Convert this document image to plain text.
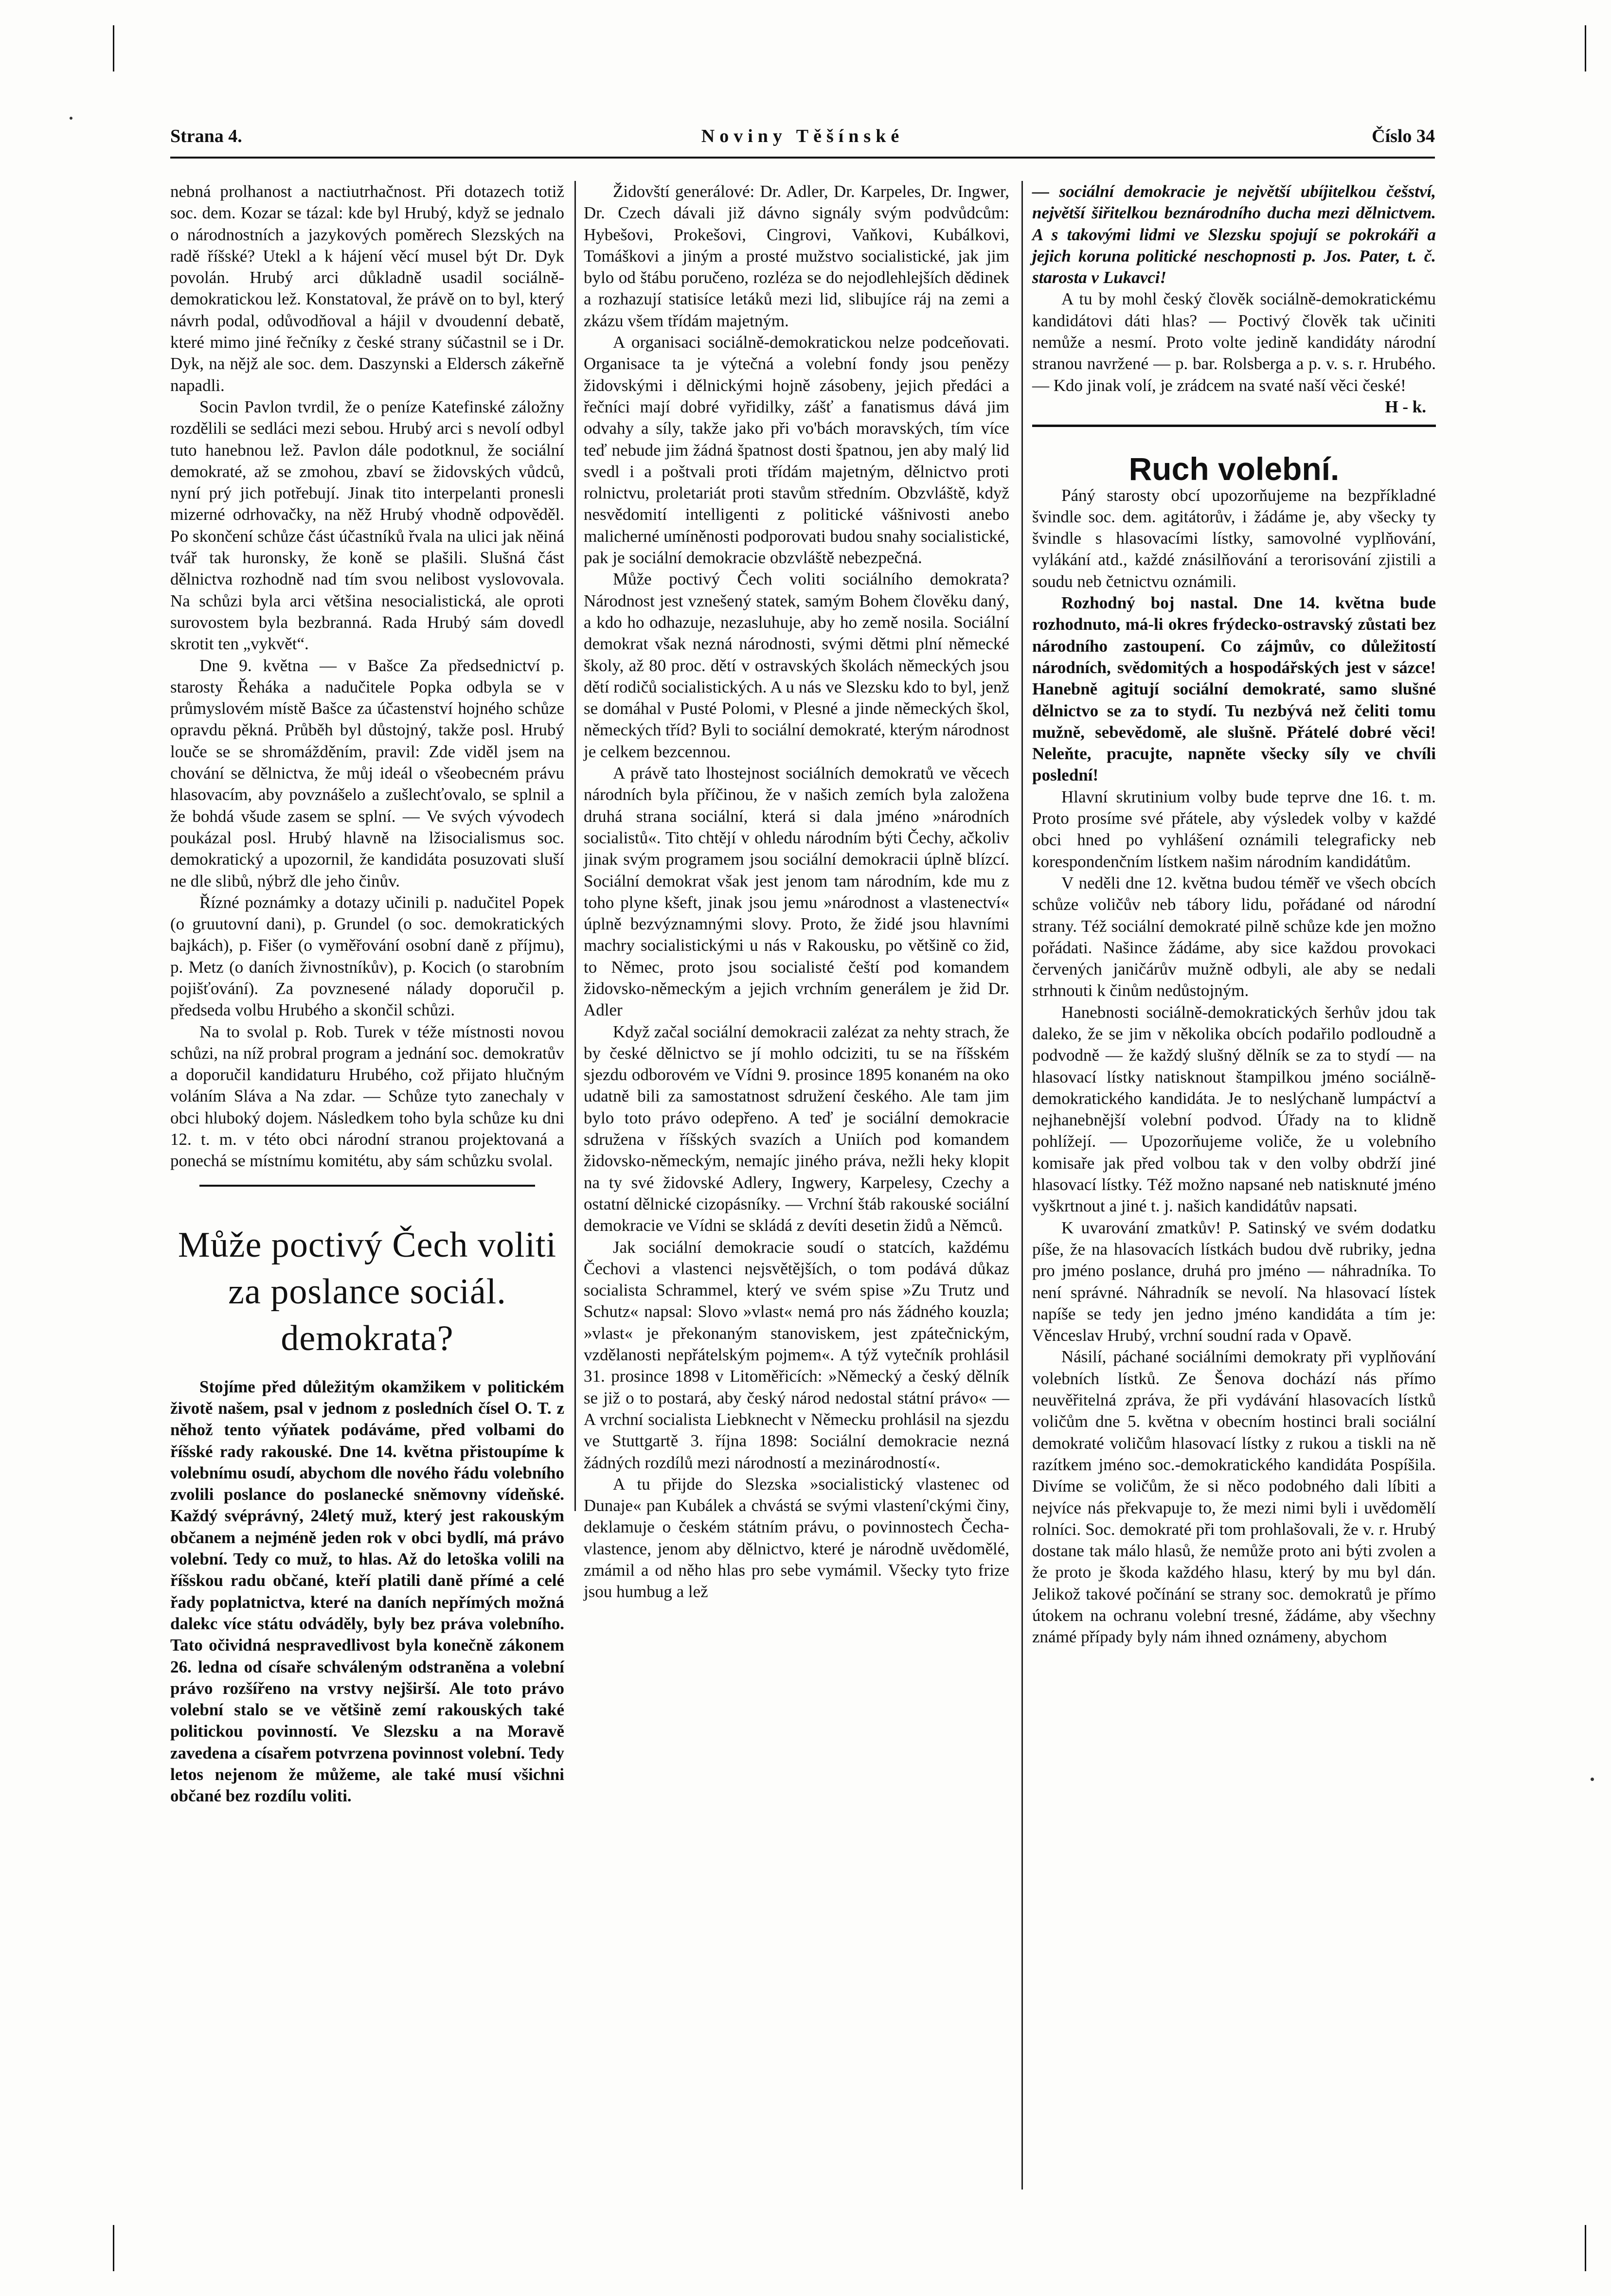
Strana 4.	Noviny Těšínské	Číslo 34

nebná prolhanost a nactiutrhačnost. Při dotazech totiž soc. dem. Kozar se tázal: kde byl Hrubý, když se jednalo o národnostních a jazykových poměrech Slezských na radě říšské? Utekl a k hájení věcí musel být Dr. Dyk povolán. Hrubý arci důkladně usadil sociálně-demokratickou lež. Konstatoval, že právě on to byl, který návrh podal, odůvodňoval a hájil v dvoudenní debatě, které mimo jiné řečníky z české strany súčastnil se i Dr. Dyk, na nějž ale soc. dem. Daszynski a Eldersch zákeřně napadli.

Socin Pavlon tvrdil, že o peníze Katefinské záložny rozdělili se sedláci mezi sebou. Hrubý arci s nevolí odbyl tuto hanebnou lež. Pavlon dále podotknul, že sociální demokraté, až se zmohou, zbaví se židovských vůdců, nyní prý jich potřebují. Jinak tito interpelanti pronesli mizerné odrhovačky, na něž Hrubý vhodně odpověděl. Po skončení schůze část účastníků řvala na ulici jak něiná tvář tak huronsky, že koně se plašili. Slušná část dělnictva rozhodně nad tím svou nelibost vyslovovala. Na schůzi byla arci většina nesocialistická, ale oproti surovostem byla bezbranná. Rada Hrubý sám dovedl skrotit ten „vykvět“.

Dne 9. května — v Bašce Za předsednictví p. starosty Řeháka a nadučitele Popka odbyla se v průmyslovém místě Bašce za účastenství hojného schůze opravdu pěkná. Průběh byl důstojný, takže posl. Hrubý louče se se shromážděním, pravil: Zde viděl jsem na chování se dělnictva, že můj ideál o všeobecném právu hlasovacím, aby povznášelo a zušlechťovalo, se splnil a že bohdá všude zasem se splní. — Ve svých vývodech poukázal posl. Hrubý hlavně na lžisocialismus soc. demokratický a upozornil, že kandidáta posuzovati sluší ne dle slibů, nýbrž dle jeho činův.

Řízné poznámky a dotazy učinili p. nadučitel Popek (o gruutovní dani), p. Grundel (o soc. demokratických bajkách), p. Fišer (o vyměřování osobní daně z příjmu), p. Metz (o daních živnostníkův), p. Kocich (o starobním pojišťování). Za povznesené nálady doporučil p. předseda volbu Hrubého a skončil schůzi.

Na to svolal p. Rob. Turek v téže místnosti novou schůzi, na níž probral program a jednání soc. demokratův a doporučil kandidaturu Hrubého, což přijato hlučným voláním Sláva a Na zdar. — Schůze tyto zanechaly v obci hluboký dojem. Následkem toho byla schůze ku dni 12. t. m. v této obci národní stranou projektovaná a ponechá se místnímu komitétu, aby sám schůzku svolal.

Může poctivý Čech voliti za poslance sociál. demokrata?

Stojíme před důležitým okamžikem v politickém životě našem, psal v jednom z posledních čísel O. T. z něhož tento výňatek podáváme, před volbami do říšské rady rakouské. Dne 14. května přistoupíme k volebnímu osudí, abychom dle nového řádu volebního zvolili poslance do poslanecké sněmovny vídeňské. Každý svéprávný, 24letý muž, který jest rakouským občanem a nejméně jeden rok v obci bydlí, má právo volební. Tedy co muž, to hlas. Až do letoška volili na říšskou radu občané, kteří platili daně přímé a celé řady poplatnictva, které na daních nepřímých možná dalekc více státu odváděly, byly bez práva volebního. Tato očividná nespravedlivost byla konečně zákonem 26. ledna od císaře schváleným odstraněna a volební právo rozšířeno na vrstvy nejširší. Ale toto právo volební stalo se ve většině zemí rakouských také politickou povinností. Ve Slezsku a na Moravě zavedena a císařem potvrzena povinnost volební. Tedy letos nejenom že můžeme, ale také musí všichni občané bez rozdílu voliti.

Židovští generálové: Dr. Adler, Dr. Karpeles, Dr. Ingwer, Dr. Czech dávali již dávno signály svým podvůdcům: Hybešovi, Prokešovi, Cingrovi, Vaňkovi, Kubálkovi, Tomáškovi a jiným a prosté mužstvo socialistické, jak jim bylo od štábu poručeno, rozléza se do nejodlehlejších dědinek a rozhazují statisíce letáků mezi lid, slibujíce ráj na zemi a zkázu všem třídám majetným.

A organisaci sociálně-demokratickou nelze podceňovati. Organisace ta je výtečná a volební fondy jsou penězy židovskými i dělnickými hojně zásobeny, jejich předáci a řečníci mají dobré vyřidilky, zášť a fanatismus dává jim odvahy a síly, takže jako při vo'bách moravských, tím více teď nebude jim žádná špatnost dosti špatnou, jen aby malý lid svedl i a poštvali proti třídám majetným, dělnictvo proti rolnictvu, proletariát proti stavům středním. Obzvláště, když nesvědomití intelligenti z politické vášnivosti anebo malicherné umíněnosti podporovati budou snahy socialistické, pak je sociální demokracie obzvláště nebezpečná.

Může poctivý Čech voliti sociálního demokrata? Národnost jest vznešený statek, samým Bohem člověku daný, a kdo ho odhazuje, nezasluhuje, aby ho země nosila. Sociální demokrat však nezná národnosti, svými dětmi plní německé školy, až 80 proc. dětí v ostravských školách německých jsou dětí rodičů socialistických. A u nás ve Slezsku kdo to byl, jenž se domáhal v Pusté Polomi, v Plesné a jinde německých škol, německých tříd? Byli to sociální demokraté, kterým národnost je celkem bezcennou.

A právě tato lhostejnost sociálních demokratů ve věcech národních byla příčinou, že v našich zemích byla založena druhá strana sociální, která si dala jméno »národních socialistů«. Tito chtějí v ohledu národním býti Čechy, ačkoliv jinak svým programem jsou sociální demokracii úplně blízcí. Sociální demokrat však jest jenom tam národním, kde mu z toho plyne kšeft, jinak jsou jemu »národnost a vlastenectví« úplně bezvýznamnými slovy. Proto, že židé jsou hlavními machry socialistickými u nás v Rakousku, po většině co žid, to Němec, proto jsou socialisté čeští pod komandem židovsko-německým a jejich vrchním generálem je žid Dr. Adler

Když začal sociální demokracii zalézat za nehty strach, že by české dělnictvo se jí mohlo odciziti, tu se na říšském sjezdu odborovém ve Vídni 9. prosince 1895 konaném na oko udatně bili za samostatnost sdružení českého. Ale tam jim bylo toto právo odepřeno. A teď je sociální demokracie sdružena v říšských svazích a Uniích pod komandem židovsko-německým, nemajíc jiného práva, nežli heky klopit na ty své židovské Adlery, Ingwery, Karpelesy, Czechy a ostatní dělnické cizopásníky. — Vrchní štáb rakouské sociální demokracie ve Vídni se skládá z devíti desetin židů a Němců.

Jak sociální demokracie soudí o statcích, každému Čechovi a vlastenci nejsvětějších, o tom podává důkaz socialista Schrammel, který ve svém spise »Zu Trutz und Schutz« napsal: Slovo »vlast« nemá pro nás žádného kouzla; »vlast« je překonaným stanoviskem, jest zpátečnickým, vzdělanosti nepřátelským pojmem«. A týž vytečník prohlásil 31. prosince 1898 v Litoměřicích: »Německý a český dělník se již o to postará, aby český národ nedostal státní právo« — A vrchní socialista Liebknecht v Německu prohlásil na sjezdu ve Stuttgartě 3. října 1898: Sociální demokracie nezná žádných rozdílů mezi národností a mezinárodností«.

A tu přijde do Slezska »socialistický vlastenec od Dunaje« pan Kubálek a chvástá se svými vlastení'ckými činy, deklamuje o českém státním právu, o povinnostech Čecha-vlastence, jenom aby dělnictvo, které je národně uvědomělé, zmámil a od něho hlas pro sebe vymámil. Všecky tyto frize jsou humbug a lež

— sociální demokracie je největší ubíjitelkou češství, největší šiřitelkou beznárodního ducha mezi dělnictvem. A s takovými lidmi ve Slezsku spojují se pokrokáři a jejich koruna politické neschopnosti p. Jos. Pater, t. č. starosta v Lukavci!

A tu by mohl český člověk sociálně-demokratickému kandidátovi dáti hlas? — Poctivý člověk tak učiniti nemůže a nesmí. Proto volte jedině kandidáty národní stranou navržené — p. bar. Rolsberga a p. v. s. r. Hrubého. — Kdo jinak volí, je zrádcem na svaté naší věci české!

H - k.
Ruch volební.

Páný starosty obcí upozorňujeme na bezpříkladné švindle soc. dem. agitátorův, i žádáme je, aby všecky ty švindle s hlasovacími lístky, samovolné vyplňování, vylákání atd., každé znásilňování a terorisování zjistili a soudu neb četnictvu oznámili.

Rozhodný boj nastal. Dne 14. května bude rozhodnuto, má-li okres frýdecko-ostravský zůstati bez národního zastoupení. Co zájmův, co důležitostí národních, svědomitých a hospodářských jest v sázce! Hanebně agitují sociální demokraté, samo slušné dělnictvo se za to stydí. Tu nezbývá než čeliti tomu mužně, sebevědomě, ale slušně. Přátelé dobré věci! Neleňte, pracujte, napněte všecky síly ve chvíli poslední!

Hlavní skrutinium volby bude teprve dne 16. t. m. Proto prosíme své přátele, aby výsledek volby v každé obci hned po vyhlášení oznámili telegraficky neb korespondenčním lístkem našim národním kandidátům.

V neděli dne 12. května budou téměř ve všech obcích schůze voličův neb tábory lidu, pořádané od národní strany. Též sociální demokraté pilně schůze kde jen možno pořádati. Našince žádáme, aby sice každou provokaci červených janičárův mužně odbyli, ale aby se nedali strhnouti k činům nedůstojným.

Hanebnosti sociálně-demokratických šerhův jdou tak daleko, že se jim v několika obcích podařilo podloudně a podvodně — že každý slušný dělník se za to stydí — na hlasovací lístky natisknout štampilkou jméno sociálně-demokratického kandidáta. Je to neslýchaně lumpáctví a nejhanebnější volební podvod. Úřady na to klidně pohlížejí. — Upozorňujeme voliče, že u volebního komisaře jak před volbou tak v den volby obdrží jiné hlasovací lístky. Též možno napsané neb natisknuté jméno vyškrtnout a jiné t. j. našich kandidátův napsati.

K uvarování zmatkův! P. Satinský ve svém dodatku píše, že na hlasovacích lístkách budou dvě rubriky, jedna pro jméno poslance, druhá pro jméno — náhradníka. To není správné. Náhradník se nevolí. Na hlasovací lístek napíše se tedy jen jedno jméno kandidáta a tím je: Věnceslav Hrubý, vrchní soudní rada v Opavě.

Násilí, páchané sociálními demokraty při vyplňování volebních lístků. Ze Šenova dochází nás přímo neuvěřitelná zpráva, že při vydávání hlasovacích lístků voličům dne 5. května v obecním hostinci brali sociální demokraté voličům hlasovací lístky z rukou a tiskli na ně razítkem jméno soc.-demokratického kandidáta Pospíšila. Divíme se voličům, že si něco podobného dali líbiti a nejvíce nás překvapuje to, že mezi nimi byli i uvědomělí rolníci. Soc. demokraté při tom prohlašovali, že v. r. Hrubý dostane tak málo hlasů, že nemůže proto ani býti zvolen a že proto je škoda každého hlasu, který by mu byl dán. Jelikož takové počínání se strany soc. demokratů je přímo útokem na ochranu volební tresné, žádáme, aby všechny známé případy byly nám ihned oznámeny, abychom
